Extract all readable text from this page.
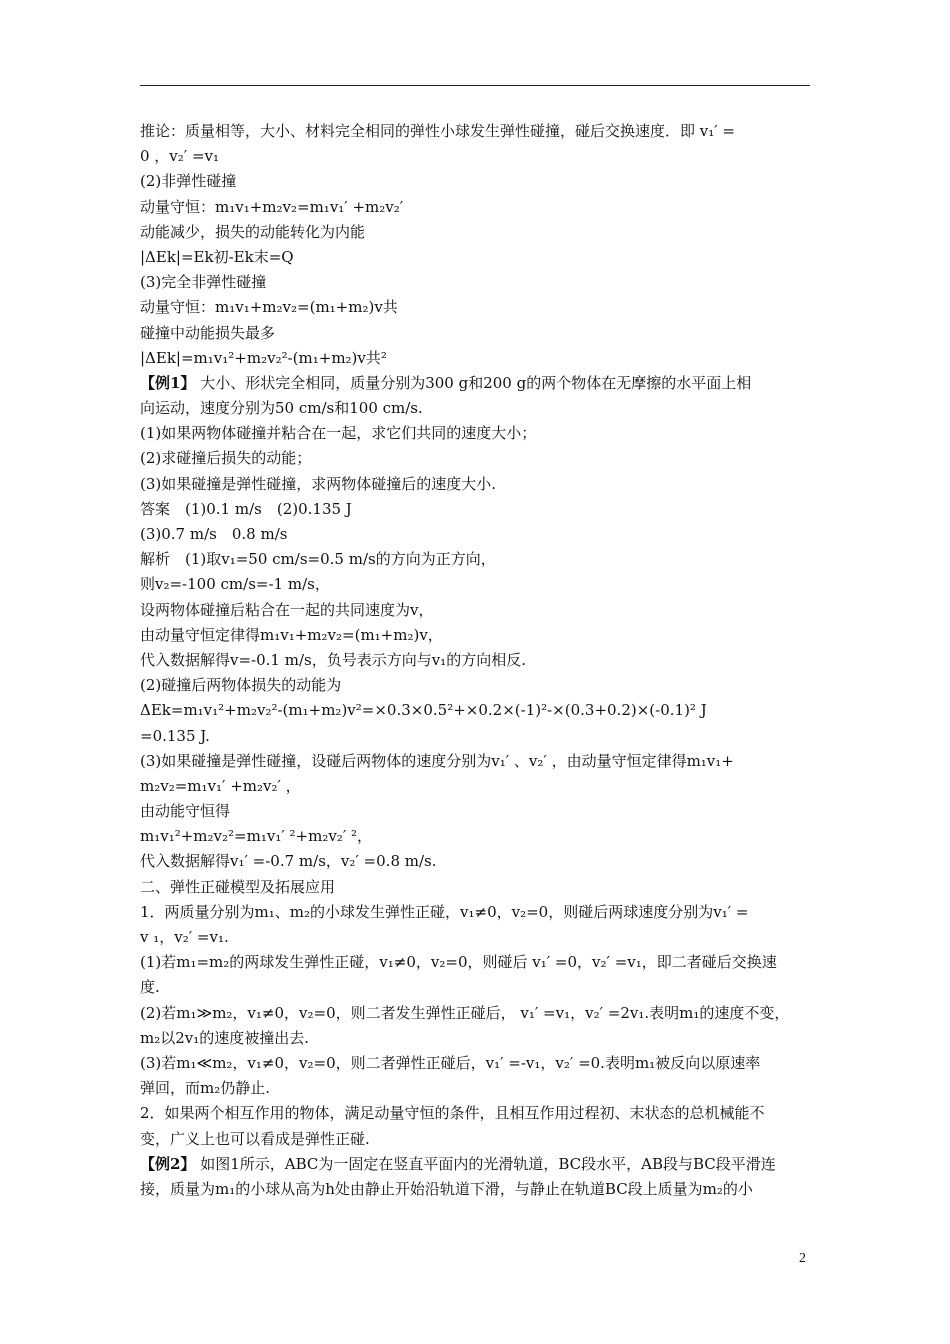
推论：质量相等，大小、材料完全相同的弹性小球发生弹性碰撞，碰后交换速度．即 v₁′ =
0 ，v₂′ =v₁
(2)非弹性碰撞
动量守恒：m₁v₁+m₂v₂=m₁v₁′ +m₂v₂′
动能减少，损失的动能转化为内能
|ΔEk|=Ek初-Ek末=Q
(3)完全非弹性碰撞
动量守恒：m₁v₁+m₂v₂=(m₁+m₂)v共
碰撞中动能损失最多
|ΔEk|=m₁v₁²+m₂v₂²-(m₁+m₂)v共²
【例1】 大小、形状完全相同，质量分别为300 g和200 g的两个物体在无摩擦的水平面上相
向运动，速度分别为50 cm/s和100 cm/s.
(1)如果两物体碰撞并粘合在一起，求它们共同的速度大小；
(2)求碰撞后损失的动能；
(3)如果碰撞是弹性碰撞，求两物体碰撞后的速度大小.
答案　(1)0.1 m/s　(2)0.135 J
(3)0.7 m/s　0.8 m/s
解析　(1)取v₁=50 cm/s=0.5 m/s的方向为正方向，
则v₂=-100 cm/s=-1 m/s，
设两物体碰撞后粘合在一起的共同速度为v，
由动量守恒定律得m₁v₁+m₂v₂=(m₁+m₂)v，
代入数据解得v=-0.1 m/s，负号表示方向与v₁的方向相反.
(2)碰撞后两物体损失的动能为
ΔEk=m₁v₁²+m₂v₂²-(m₁+m₂)v²=×0.3×0.5²+×0.2×(-1)²-×(0.3+0.2)×(-0.1)² J
=0.135 J.
(3)如果碰撞是弹性碰撞，设碰后两物体的速度分别为v₁′ 、v₂′ ，由动量守恒定律得m₁v₁+
m₂v₂=m₁v₁′ +m₂v₂′ ，
由动能守恒得
m₁v₁²+m₂v₂²=m₁v₁′ ²+m₂v₂′ ²，
代入数据解得v₁′ =-0.7 m/s，v₂′ =0.8 m/s.
二、弹性正碰模型及拓展应用
1．两质量分别为m₁、m₂的小球发生弹性正碰，v₁≠0，v₂=0，则碰后两球速度分别为v₁′ =
v ₁，v₂′ =v₁.
(1)若m₁=m₂的两球发生弹性正碰，v₁≠0，v₂=0，则碰后 v₁′ =0，v₂′ =v₁，即二者碰后交换速
度.
(2)若m₁≫m₂，v₁≠0，v₂=0，则二者发生弹性正碰后， v₁′ =v₁，v₂′ =2v₁.表明m₁的速度不变，
m₂以2v₁的速度被撞出去.
(3)若m₁≪m₂，v₁≠0，v₂=0，则二者弹性正碰后，v₁′ =-v₁，v₂′ =0.表明m₁被反向以原速率
弹回，而m₂仍静止.
2．如果两个相互作用的物体，满足动量守恒的条件，且相互作用过程初、末状态的总机械能不
变，广义上也可以看成是弹性正碰.
【例2】 如图1所示，ABC为一固定在竖直平面内的光滑轨道，BC段水平，AB段与BC段平滑连
接，质量为m₁的小球从高为h处由静止开始沿轨道下滑，与静止在轨道BC段上质量为m₂的小
2
